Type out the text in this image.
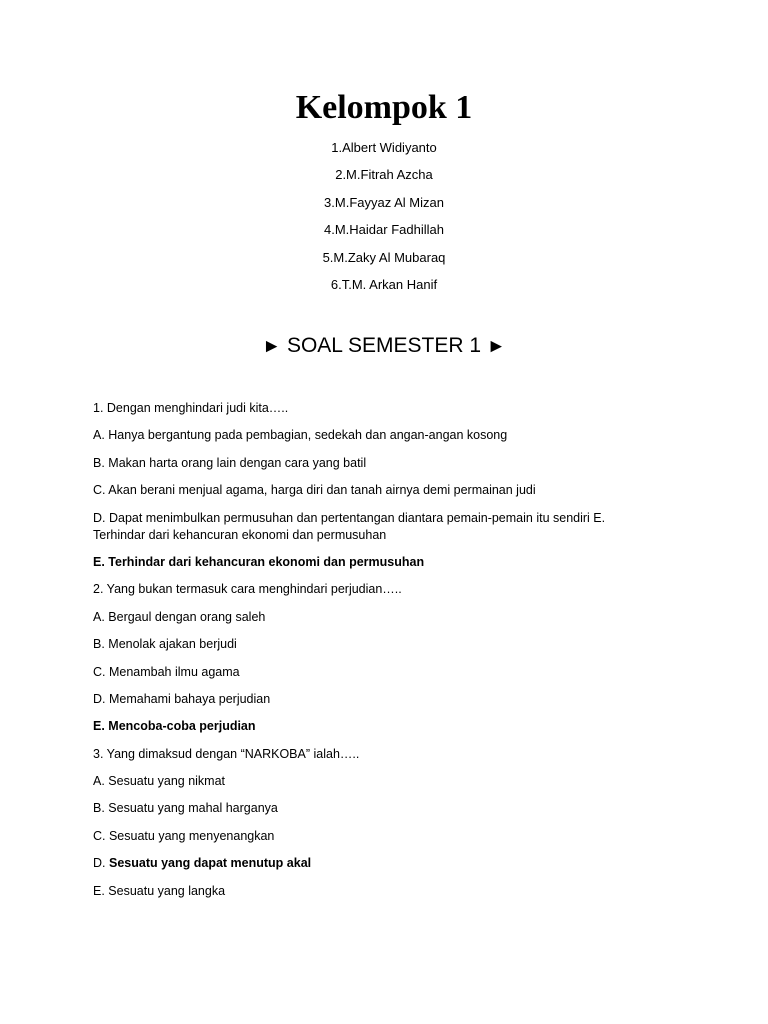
Kelompok 1
1.Albert Widiyanto
2.M.Fitrah Azcha
3.M.Fayyaz Al Mizan
4.M.Haidar Fadhillah
5.M.Zaky Al Mubaraq
6.T.M. Arkan Hanif
► SOAL SEMESTER 1 ►

1. Dengan menghindari judi kita…..

A. Hanya bergantung pada pembagian, sedekah dan angan-angan kosong

B. Makan harta orang lain dengan cara yang batil

C. Akan berani menjual agama, harga diri dan tanah airnya demi permainan judi

D. Dapat menimbulkan permusuhan dan pertentangan diantara pemain-pemain itu sendiri E. Terhindar dari kehancuran ekonomi dan permusuhan

E. Terhindar dari kehancuran ekonomi dan permusuhan

2. Yang bukan termasuk cara menghindari perjudian…..

A. Bergaul dengan orang saleh

B. Menolak ajakan berjudi

C. Menambah ilmu agama

D. Memahami bahaya perjudian

E. Mencoba-coba perjudian

3. Yang dimaksud dengan “NARKOBA” ialah…..

A. Sesuatu yang nikmat

B. Sesuatu yang mahal harganya

C. Sesuatu yang menyenangkan

D. Sesuatu yang dapat menutup akal

E. Sesuatu yang langka
